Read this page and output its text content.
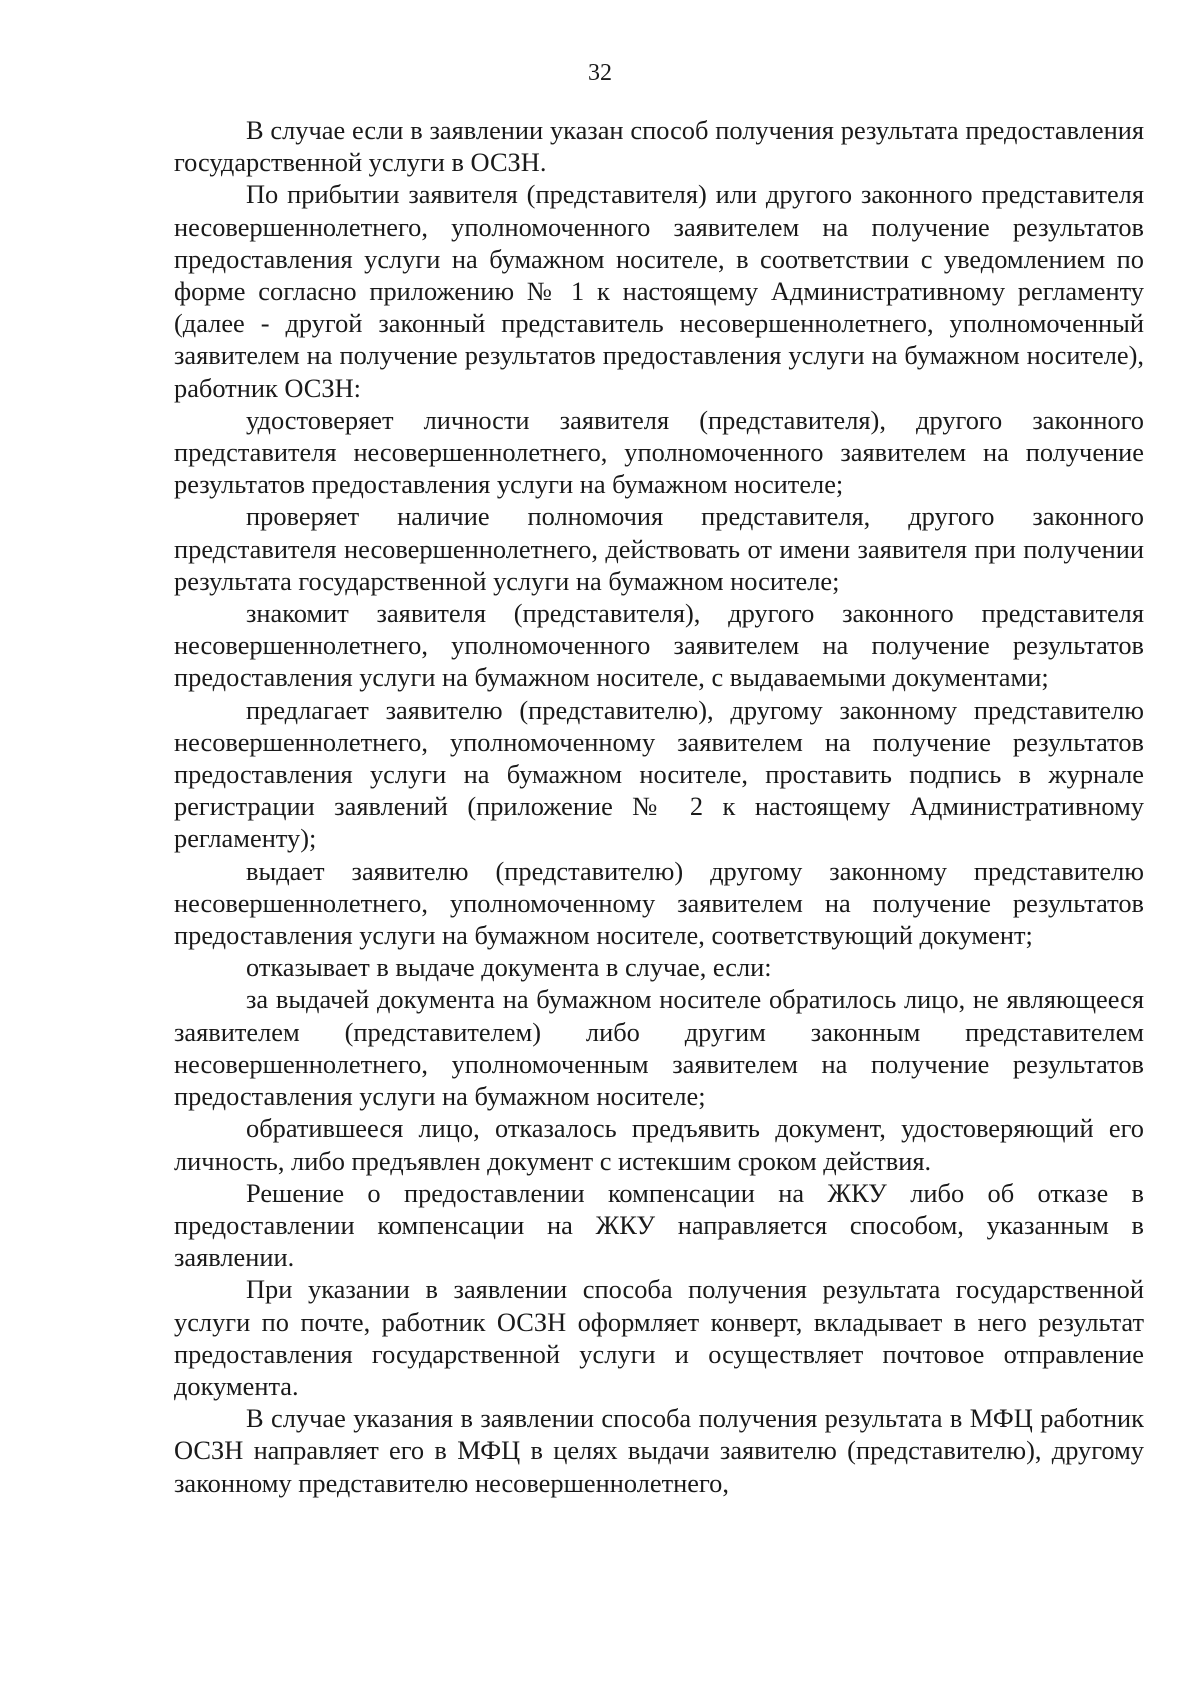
32

В случае если в заявлении указан способ получения результата предоставления государственной услуги в ОСЗН.

По прибытии заявителя (представителя) или другого законного представителя несовершеннолетнего, уполномоченного заявителем на получение результатов предоставления услуги на бумажном носителе, в соответствии с уведомлением по форме согласно приложению № 1 к настоящему Административному регламенту (далее - другой законный представитель несовершеннолетнего, уполномоченный заявителем на получение результатов предоставления услуги на бумажном носителе), работник ОСЗН:

удостоверяет личности заявителя (представителя), другого законного представителя несовершеннолетнего, уполномоченного заявителем на получение результатов предоставления услуги на бумажном носителе;

проверяет наличие полномочия представителя, другого законного представителя несовершеннолетнего, действовать от имени заявителя при получении результата государственной услуги на бумажном носителе;

знакомит заявителя (представителя), другого законного представителя несовершеннолетнего, уполномоченного заявителем на получение результатов предоставления услуги на бумажном носителе, с выдаваемыми документами;

предлагает заявителю (представителю), другому законному представителю несовершеннолетнего, уполномоченному заявителем на получение результатов предоставления услуги на бумажном носителе, проставить подпись в журнале регистрации заявлений (приложение № 2 к настоящему Административному регламенту);

выдает заявителю (представителю) другому законному представителю несовершеннолетнего, уполномоченному заявителем на получение результатов предоставления услуги на бумажном носителе, соответствующий документ;

отказывает в выдаче документа в случае, если:

за выдачей документа на бумажном носителе обратилось лицо, не являющееся заявителем (представителем) либо другим законным представителем несовершеннолетнего, уполномоченным заявителем на получение результатов предоставления услуги на бумажном носителе;

обратившееся лицо, отказалось предъявить документ, удостоверяющий его личность, либо предъявлен документ с истекшим сроком действия.

Решение о предоставлении компенсации на ЖКУ либо об отказе в предоставлении компенсации на ЖКУ направляется способом, указанным в заявлении.

При указании в заявлении способа получения результата государственной услуги по почте, работник ОСЗН оформляет конверт, вкладывает в него результат предоставления государственной услуги и осуществляет почтовое отправление документа.

В случае указания в заявлении способа получения результата в МФЦ работник ОСЗН направляет его в МФЦ в целях выдачи заявителю (представителю), другому законному представителю несовершеннолетнего,
